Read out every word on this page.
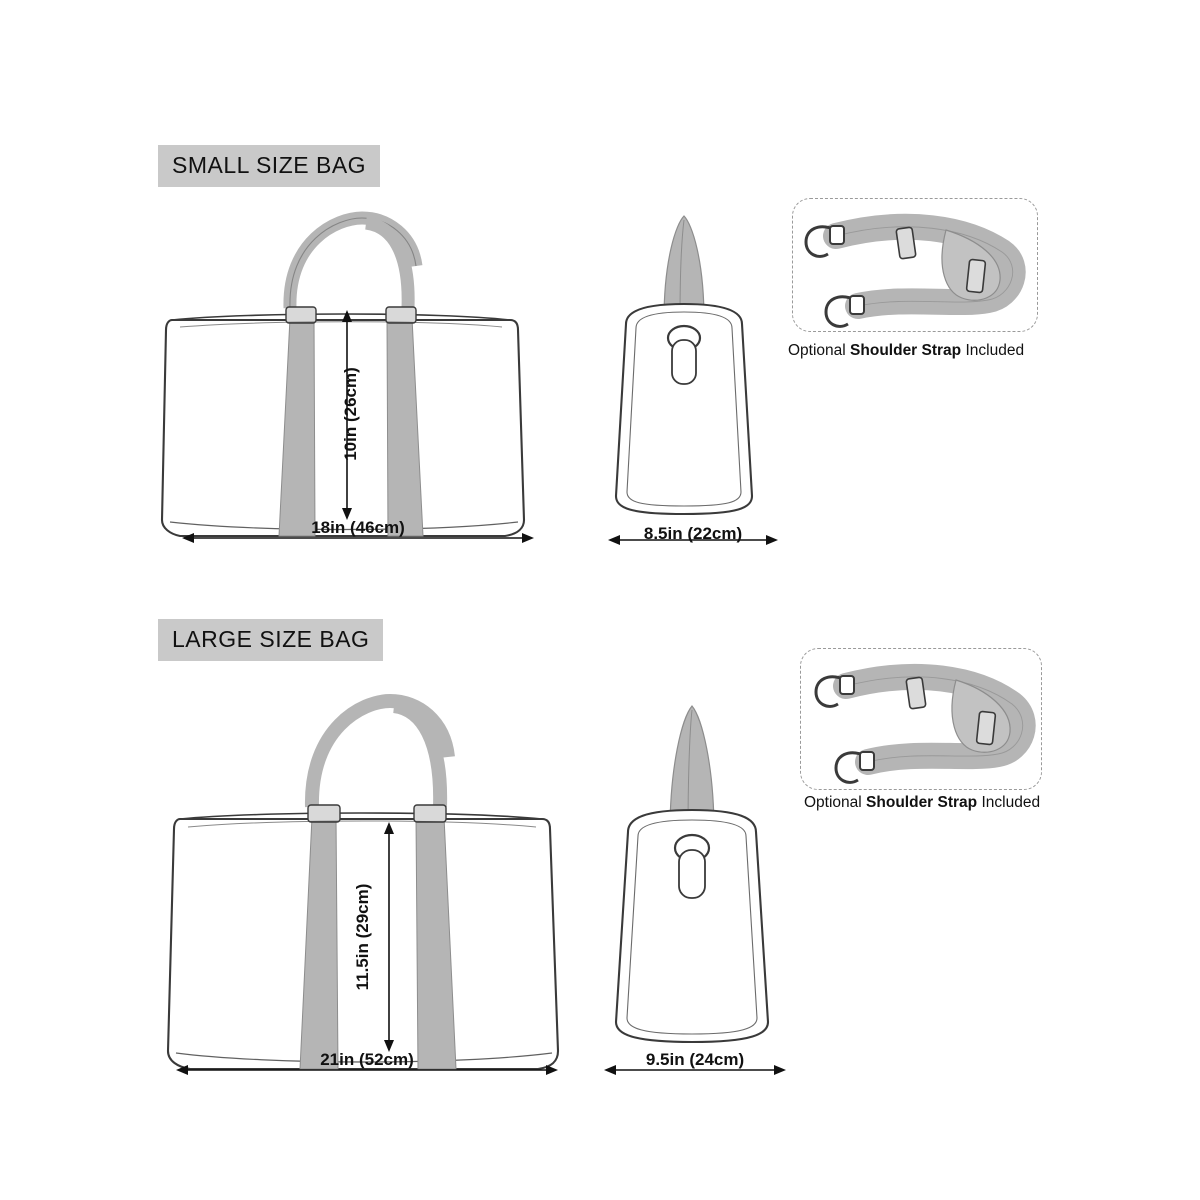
SMALL SIZE BAG
10in (26cm)
18in (46cm)	8.5in (22cm)
Optional Shoulder Strap Included
LARGE SIZE BAG
11.5in (29cm)
21in (52cm)	9.5in (24cm)
Optional Shoulder Strap Included
